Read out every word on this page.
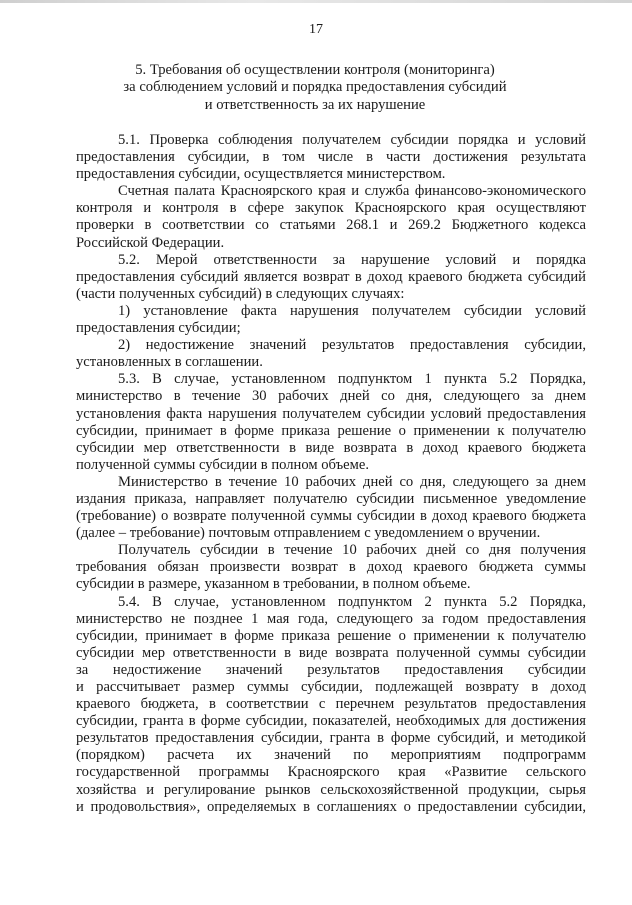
17
5. Требования об осуществлении контроля (мониторинга)
за соблюдением условий и порядка предоставления субсидий
и ответственность за их нарушение

5.1. Проверка соблюдения получателем субсидии порядка и условий

предоставления субсидии, в том числе в части достижения результата

предоставления субсидии, осуществляется министерством.

Счетная палата Красноярского края и служба финансово-экономического

контроля и контроля в сфере закупок Красноярского края осуществляют

проверки в соответствии со статьями 268.1 и 269.2 Бюджетного кодекса

Российской Федерации.

5.2. Мерой ответственности за нарушение условий и порядка

предоставления субсидий является возврат в доход краевого бюджета субсидий

(части полученных субсидий) в следующих случаях:

1) установление факта нарушения получателем субсидии условий

предоставления субсидии;

2) недостижение значений результатов предоставления субсидии,

установленных в соглашении.

5.3. В случае, установленном подпунктом 1 пункта 5.2 Порядка,

министерство в течение 30 рабочих дней со дня, следующего за днем

установления факта нарушения получателем субсидии условий предоставления

субсидии, принимает в форме приказа решение о применении к получателю

субсидии мер ответственности в виде возврата в доход краевого бюджета

полученной суммы субсидии в полном объеме.

Министерство в течение 10 рабочих дней со дня, следующего за днем

издания приказа, направляет получателю субсидии письменное уведомление

(требование) о возврате полученной суммы субсидии в доход краевого бюджета

(далее – требование) почтовым отправлением с уведомлением о вручении.

Получатель субсидии в течение 10 рабочих дней со дня получения

требования обязан произвести возврат в доход краевого бюджета суммы

субсидии в размере, указанном в требовании, в полном объеме.

5.4. В случае, установленном подпунктом 2 пункта 5.2 Порядка,

министерство не позднее 1 мая года, следующего за годом предоставления

субсидии, принимает в форме приказа решение о применении к получателю

субсидии мер ответственности в виде возврата полученной суммы субсидии

за недостижение значений результатов предоставления субсидии

и рассчитывает размер суммы субсидии, подлежащей возврату в доход

краевого бюджета, в соответствии с перечнем результатов предоставления

субсидии, гранта в форме субсидии, показателей, необходимых для достижения

результатов предоставления субсидии, гранта в форме субсидий, и методикой

(порядком) расчета их значений по мероприятиям подпрограмм

государственной программы Красноярского края «Развитие сельского

хозяйства и регулирование рынков сельскохозяйственной продукции, сырья

и продовольствия», определяемых в соглашениях о предоставлении субсидии,
